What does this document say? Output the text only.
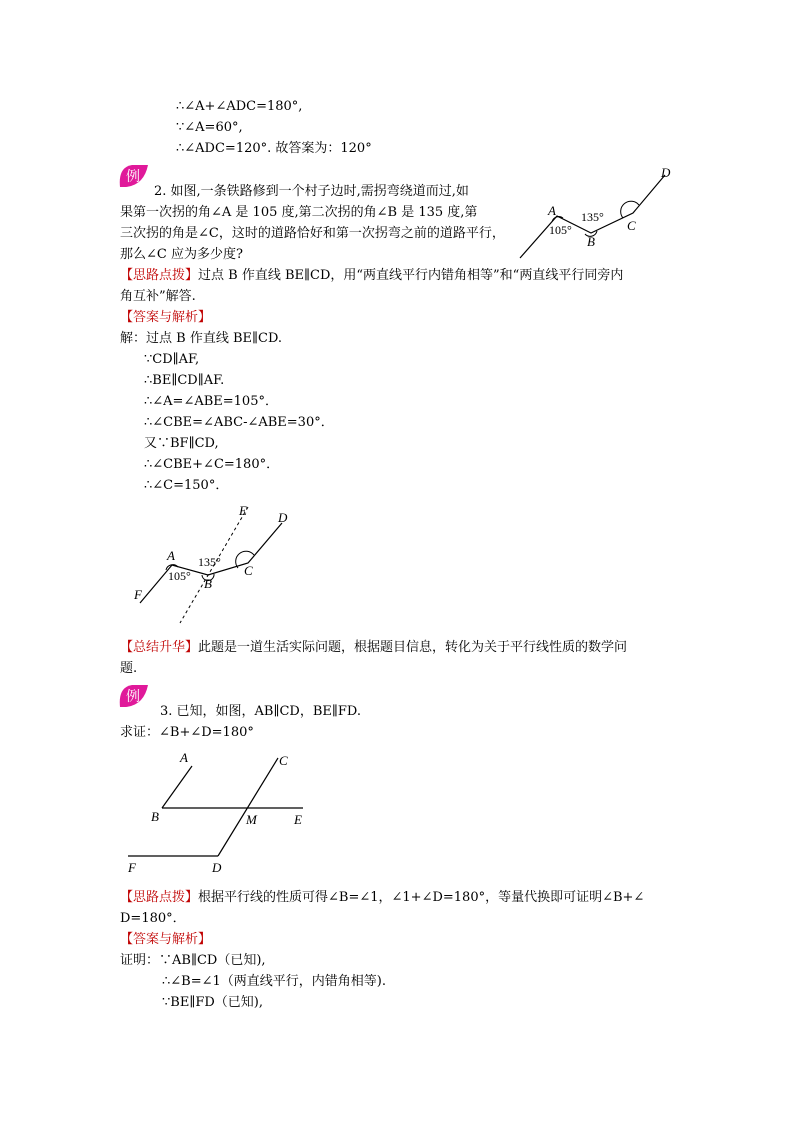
∴∠A+∠ADC=180°,
∵∠A=60°,
∴∠ADC=120°. 故答案为：120°
例
2. 如图,一条铁路修到一个村子边时,需拐弯绕道而过,如
果第一次拐的角∠A 是 105 度,第二次拐的角∠B 是 135 度,第
三次拐的角是∠C，这时的道路恰好和第一次拐弯之前的道路平行，
那么∠C 应为多少度?
A
B
C
D
105°
135°
【思路点拨】过点 B 作直线 BE∥CD，用“两直线平行内错角相等”和“两直线平行同旁内
角互补”解答.
【答案与解析】
解：过点 B 作直线 BE∥CD.
∵CD∥AF,
∴BE∥CD∥AF.
∴∠A=∠ABE=105°．
∴∠CBE=∠ABC-∠ABE=30°．
又∵BF∥CD,
∴∠CBE+∠C=180°．
∴∠C=150°．
A
B
C
D
E
F
105°
135°
【总结升华】此题是一道生活实际问题，根据题目信息，转化为关于平行线性质的数学问
题.
例
3. 已知，如图，AB∥CD，BE∥FD.
求证：∠B+∠D=180°
A
B
C
D
E
F
M
【思路点拨】根据平行线的性质可得∠B=∠1，∠1+∠D=180°，等量代换即可证明∠B+∠
D=180°．
【答案与解析】
证明：∵AB∥CD（已知),
∴∠B=∠1（两直线平行，内错角相等).
∵BE∥FD（已知),
